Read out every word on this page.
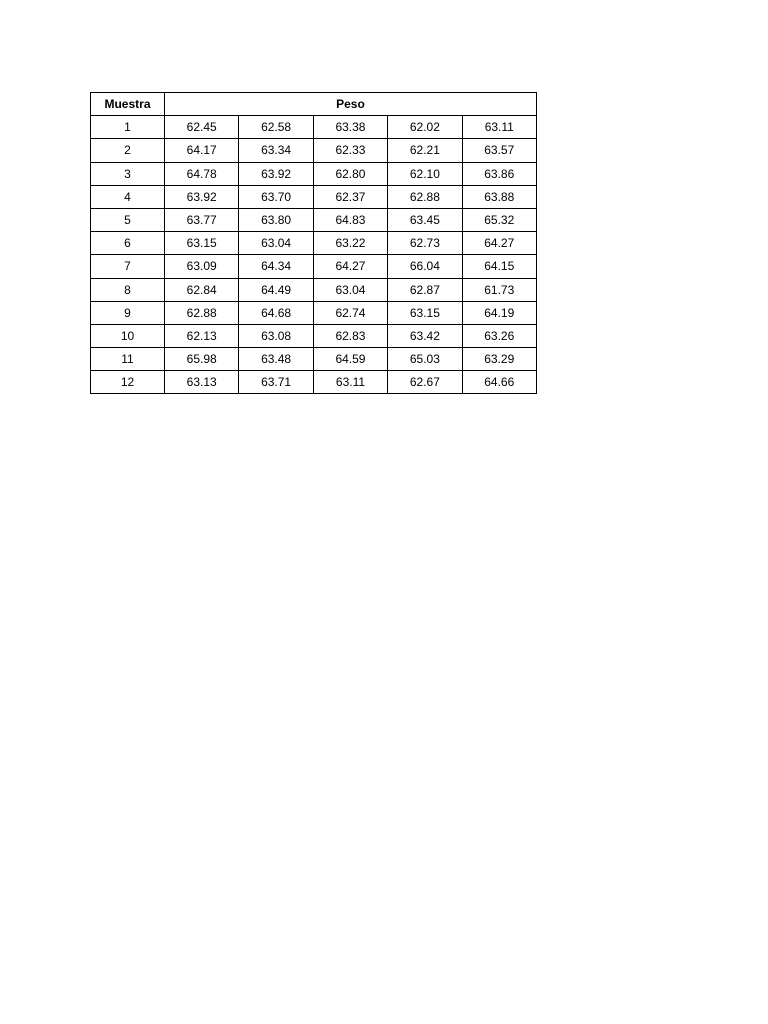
Muestra	Peso				
1	62.45	62.58	63.38	62.02	63.11
2	64.17	63.34	62.33	62.21	63.57
3	64.78	63.92	62.80	62.10	63.86
4	63.92	63.70	62.37	62.88	63.88
5	63.77	63.80	64.83	63.45	65.32
6	63.15	63.04	63.22	62.73	64.27
7	63.09	64.34	64.27	66.04	64.15
8	62.84	64.49	63.04	62.87	61.73
9	62.88	64.68	62.74	63.15	64.19
10	62.13	63.08	62.83	63.42	63.26
11	65.98	63.48	64.59	65.03	63.29
12	63.13	63.71	63.11	62.67	64.66
